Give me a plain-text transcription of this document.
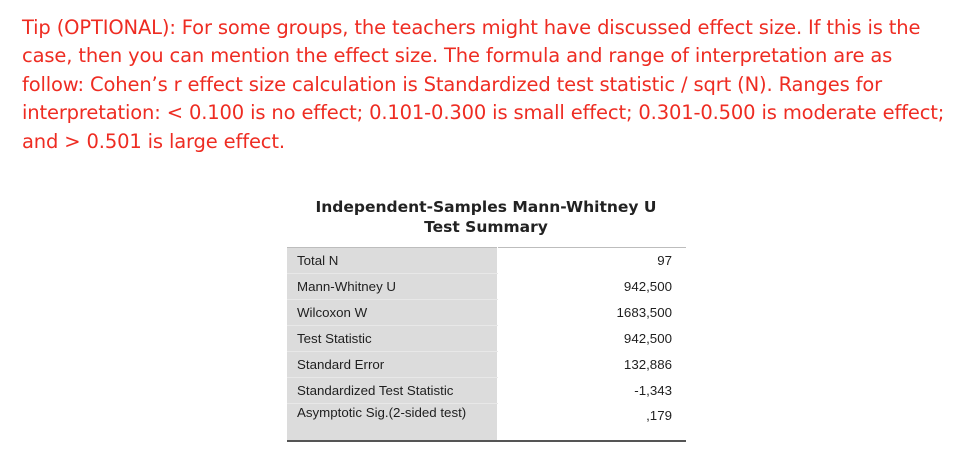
Tip (OPTIONAL): For some groups, the teachers might have discussed effect size. If this is the case, then you can mention the effect size. The formula and range of interpretation are as follow: Cohen’s r effect size calculation is Standardized test statistic / sqrt (N). Ranges for interpretation: < 0.100 is no effect; 0.101-0.300 is small effect; 0.301-0.500 is moderate effect; and > 0.501 is large effect.

Independent-Samples Mann-Whitney U
Test Summary
Total N	97
Mann-Whitney U	942,500
Wilcoxon W	1683,500
Test Statistic	942,500
Standard Error	132,886
Standardized Test Statistic	-1,343
Asymptotic Sig.(2-sided test)	,179
